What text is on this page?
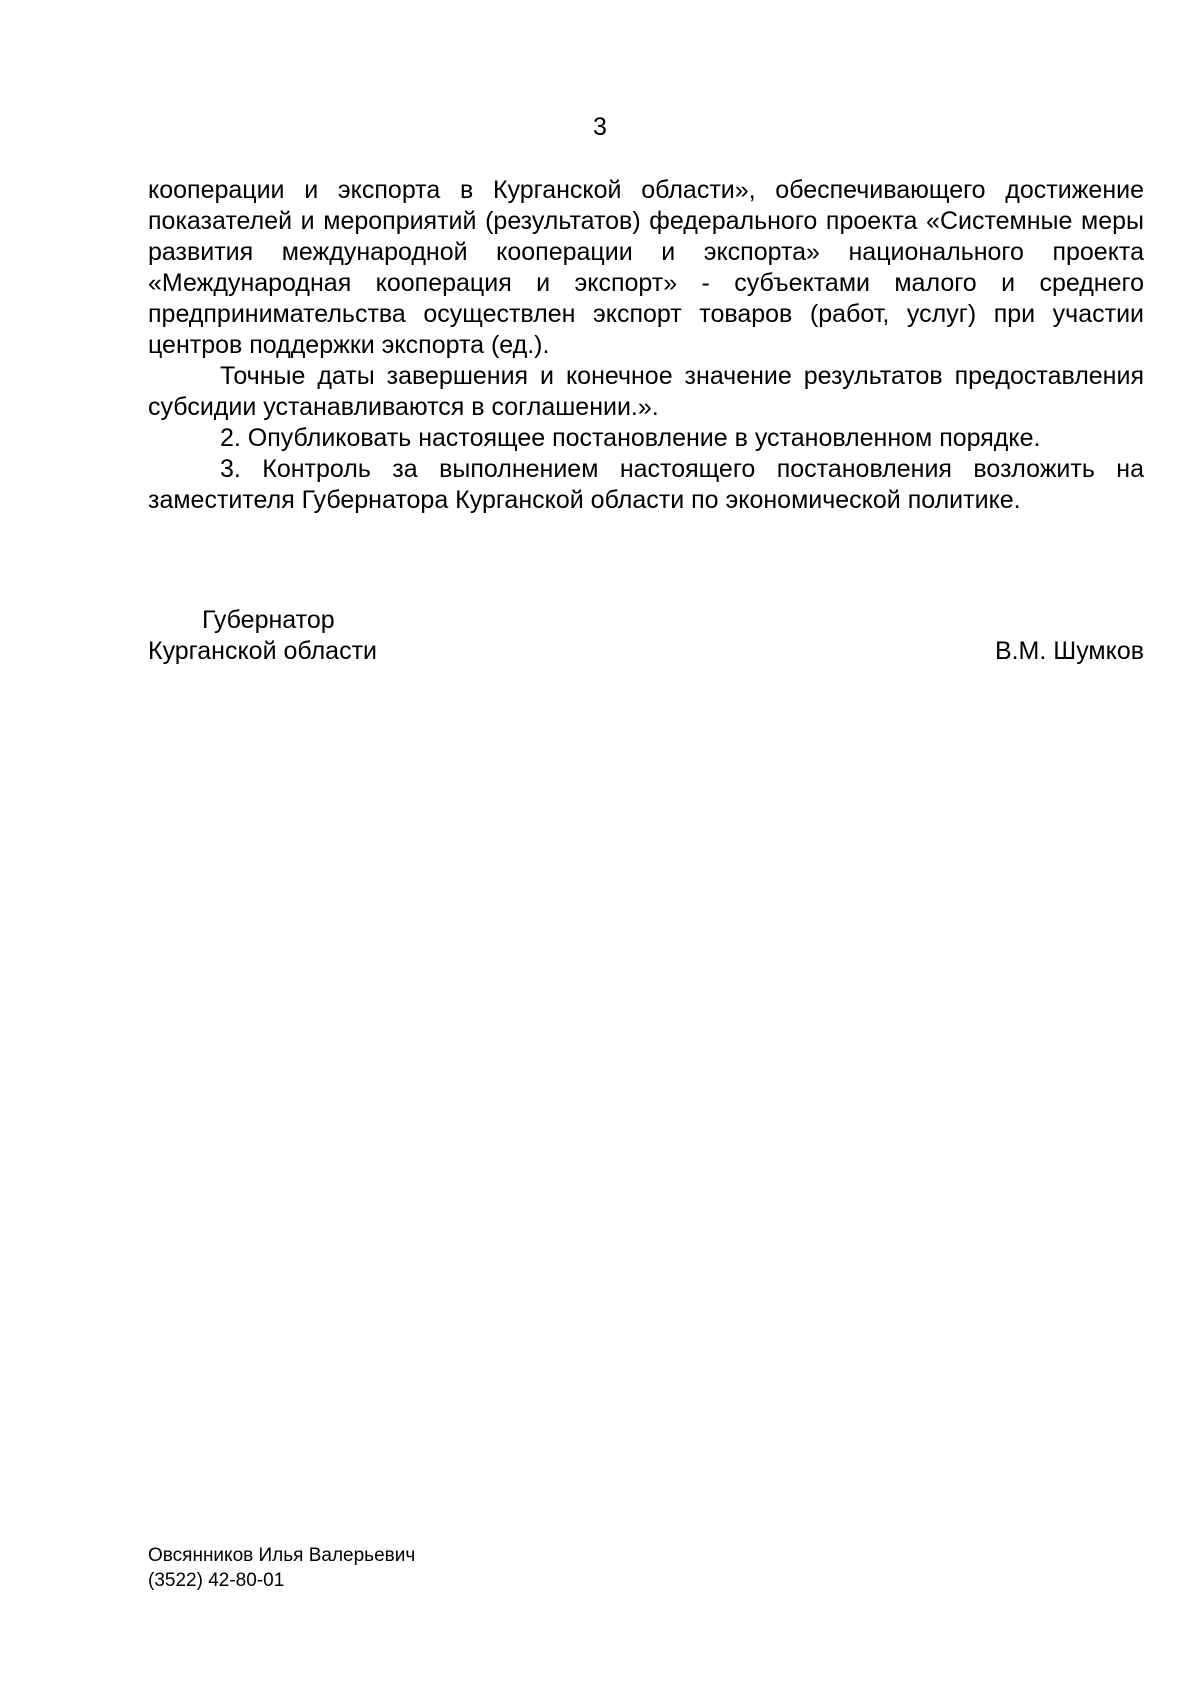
3

кооперации и экспорта в Курганской области», обеспечивающего достижение показателей и мероприятий (результатов) федерального проекта «Системные меры развития международной кооперации и экспорта» национального проекта «Международная кооперация и экспорт» - субъектами малого и среднего предпринимательства осуществлен экспорт товаров (работ, услуг) при участии центров поддержки экспорта (ед.).

Точные даты завершения и конечное значение результатов предоставления субсидии устанавливаются в соглашении.».

2. Опубликовать настоящее постановление в установленном порядке.

3. Контроль за выполнением настоящего постановления возложить на заместителя Губернатора Курганской области по экономической политике.

Губернатор
Курганской области	В.М. Шумков
Овсянников Илья Валерьевич
(3522) 42-80-01
